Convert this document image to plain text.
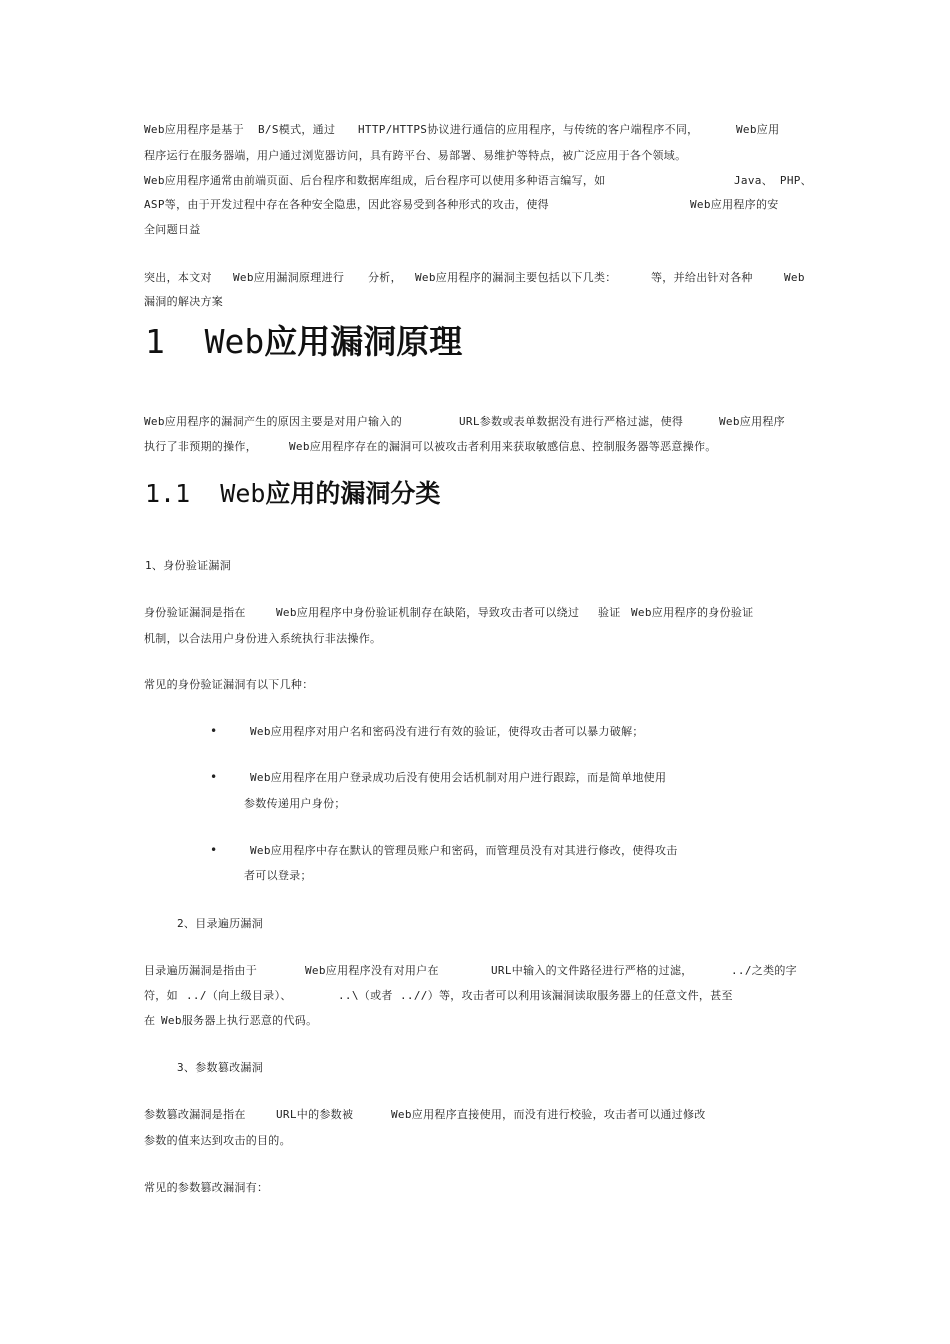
Web应用程序是基于 B/S模式，通过 HTTP/HTTPS协议进行通信的应用程序，与传统的客户端程序不同，	Web应用
程序运行在服务器端，用户通过浏览器访问，具有跨平台、易部署、易维护等特点，被广泛应用于各个领域。
Web应用程序通常由前端页面、后台程序和数据库组成，后台程序可以使用多种语言编写，如	Java、 PHP、
ASP等，由于开发过程中存在各种安全隐患，因此容易受到各种形式的攻击，使得	Web应用程序的安
全问题日益
突出，本文对 Web应用漏洞原理进行 分析， Web应用程序的漏洞主要包括以下几类：	等，并给出针对各种	Web
漏洞的解决方案
1 Web应用漏洞原理
Web应用程序的漏洞产生的原因主要是对用户输入的	URL参数或表单数据没有进行严格过滤，使得	Web应用程序
执行了非预期的操作，	Web应用程序存在的漏洞可以被攻击者利用来获取敏感信息、控制服务器等恶意操作。
1.1 Web应用的漏洞分类
1、身份验证漏洞
身份验证漏洞是指在	Web应用程序中身份验证机制存在缺陷，导致攻击者可以绕过 验证 Web应用程序的身份验证
机制，以合法用户身份进入系统执行非法操作。
常见的身份验证漏洞有以下几种：
•	Web应用程序对用户名和密码没有进行有效的验证，使得攻击者可以暴力破解；
•	Web应用程序在用户登录成功后没有使用会话机制对用户进行跟踪，而是简单地使用
参数传递用户身份；
•	Web应用程序中存在默认的管理员账户和密码，而管理员没有对其进行修改，使得攻击
者可以登录；
2、目录遍历漏洞
目录遍历漏洞是指由于	Web应用程序没有对用户在	URL中输入的文件路径进行严格的过滤，	../之类的字
符，如 ../（向上级目录）、	..\（或者 ..//）等，攻击者可以利用该漏洞读取服务器上的任意文件，甚至
在 Web服务器上执行恶意的代码。
3、参数篡改漏洞
参数篡改漏洞是指在	URL中的参数被	Web应用程序直接使用，而没有进行校验，攻击者可以通过修改
参数的值来达到攻击的目的。
常见的参数篡改漏洞有：
